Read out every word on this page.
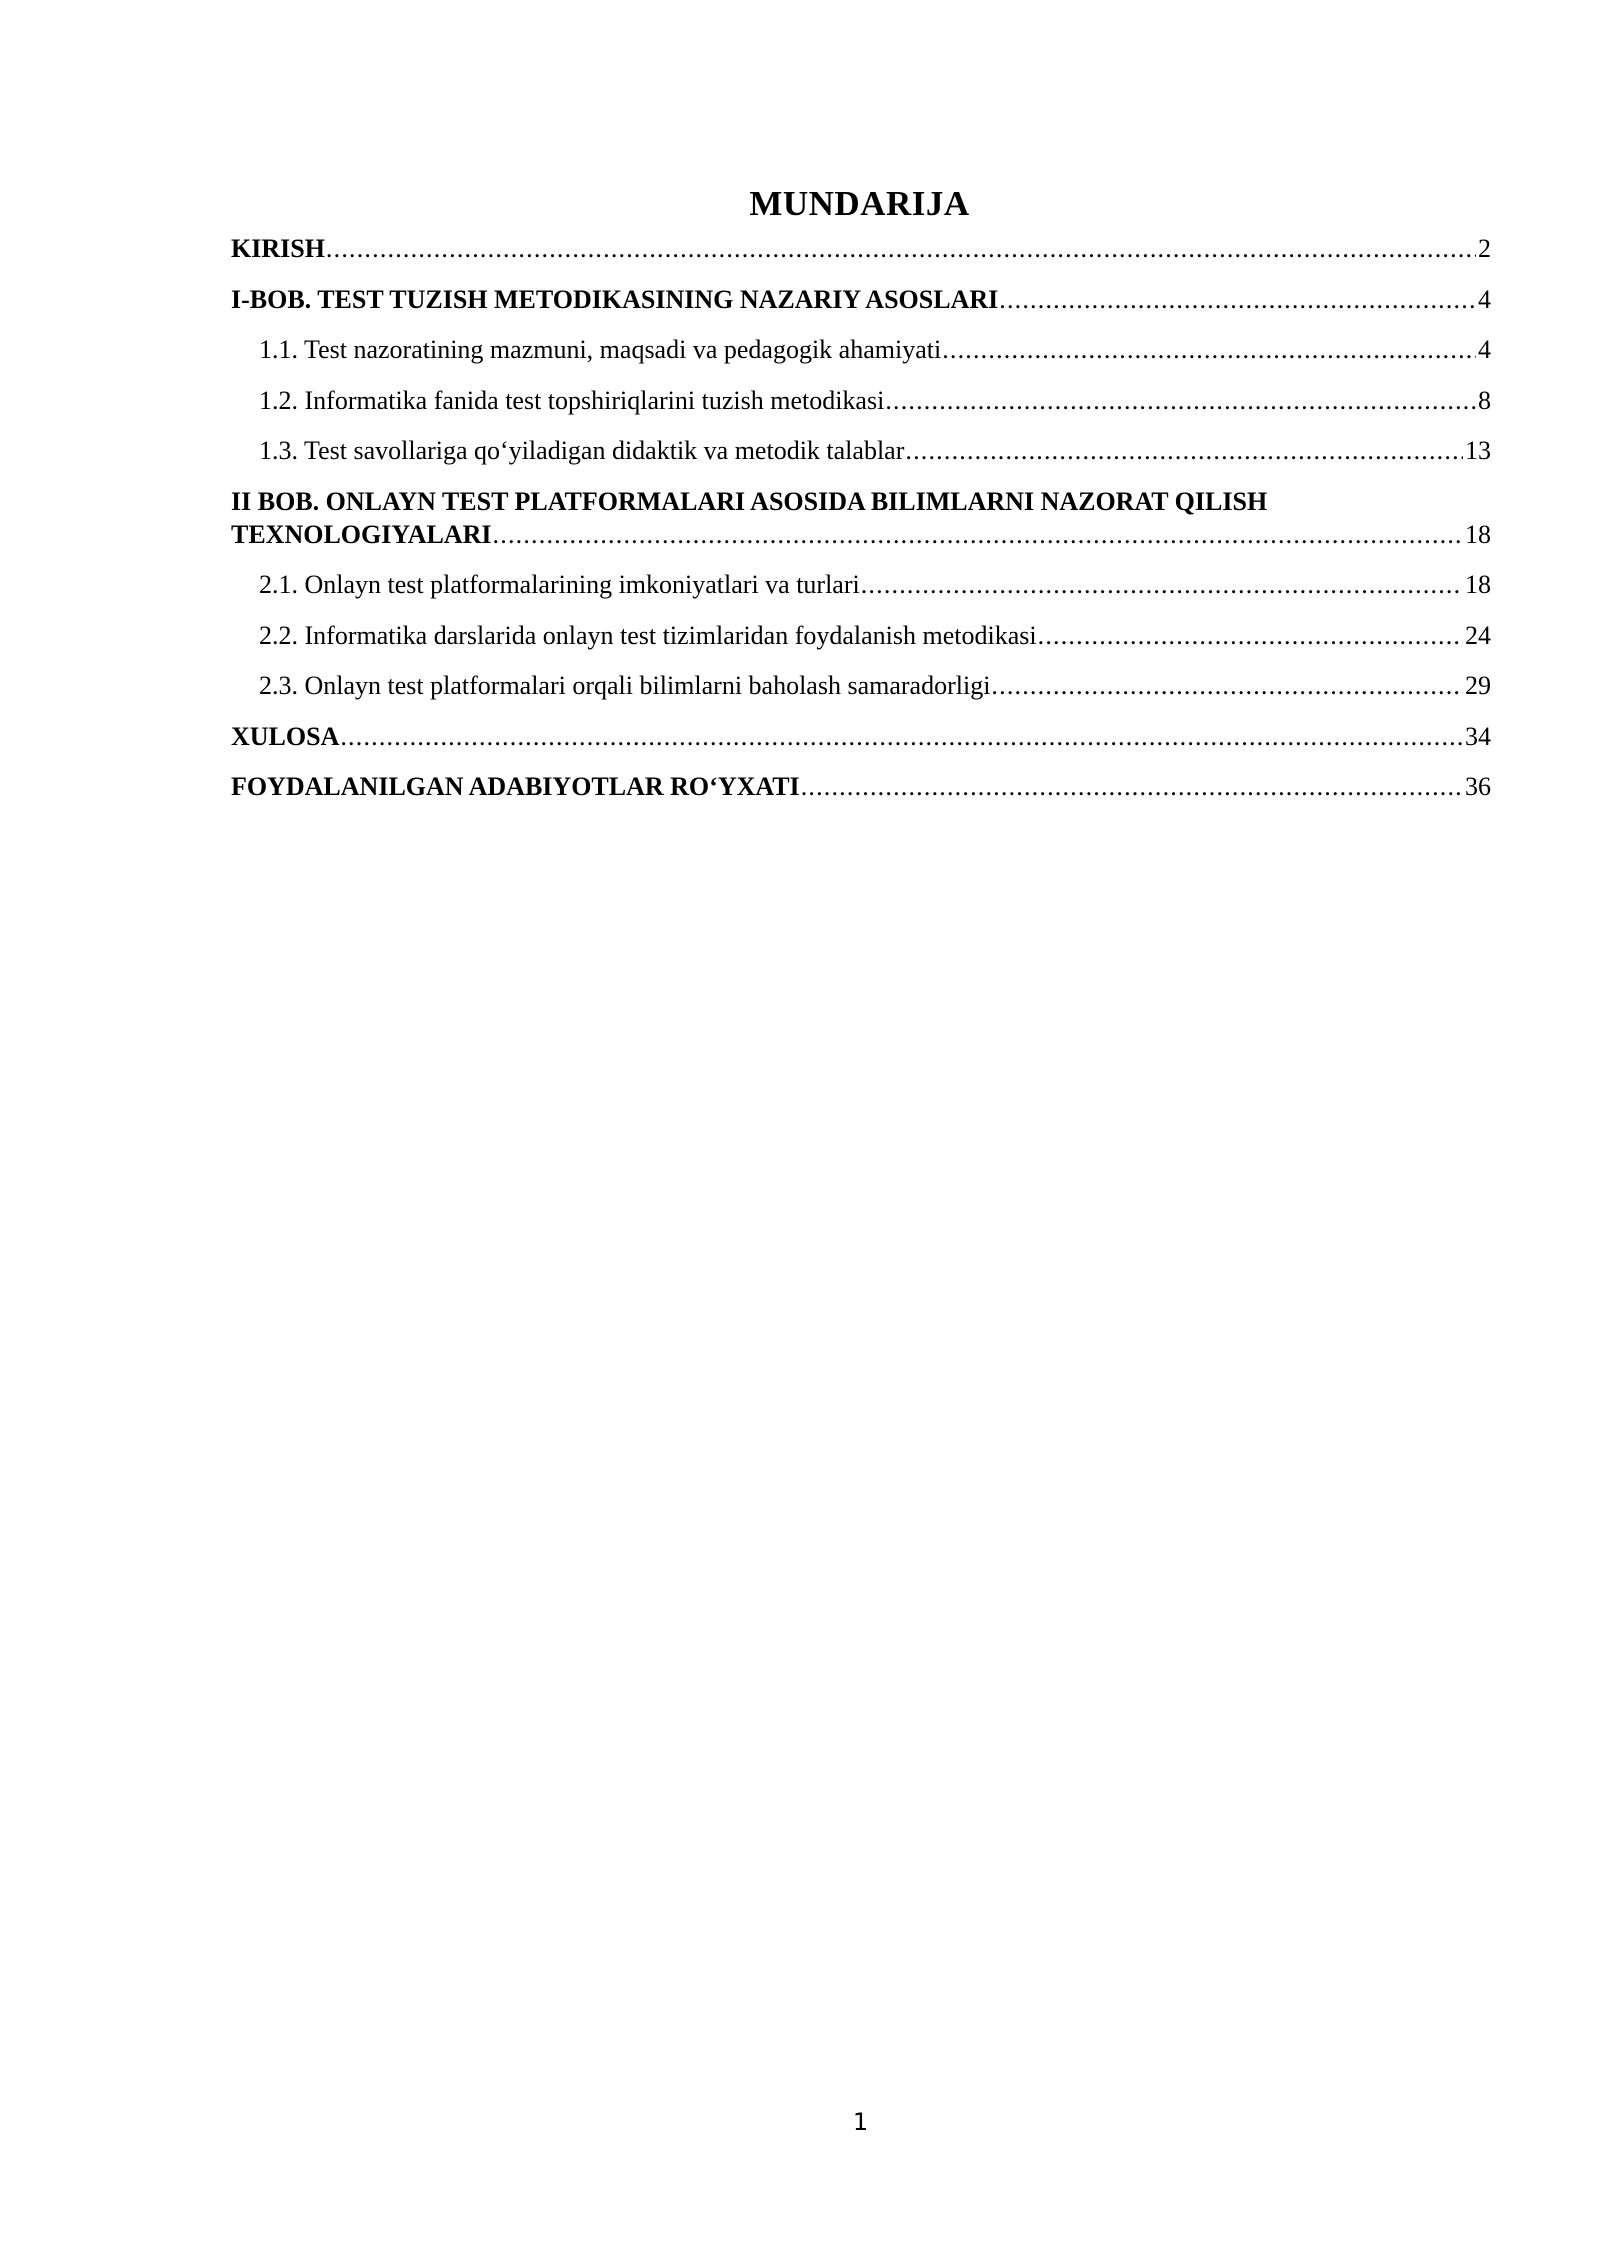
MUNDARIJA
KIRISH .....	2
I-BOB. TEST TUZISH METODIKASINING NAZARIY ASOSLARI .....	4
1.1. Test nazoratining mazmuni, maqsadi va pedagogik ahamiyati .....	4
1.2. Informatika fanida test topshiriqlarini tuzish metodikasi .....	8
1.3. Test savollariga qo‘yiladigan didaktik va metodik talablar .....	13
II BOB. ONLAYN TEST PLATFORMALARI ASOSIDA BILIMLARNI NAZORAT QILISH
TEXNOLOGIYALARI .....	18
2.1. Onlayn test platformalarining imkoniyatlari va turlari .....	18
2.2. Informatika darslarida onlayn test tizimlaridan foydalanish metodikasi .....	24
2.3. Onlayn test platformalari orqali bilimlarni baholash samaradorligi .....	29
XULOSA .....	34
FOYDALANILGAN ADABIYOTLAR RO‘YXATI .....	36
1
